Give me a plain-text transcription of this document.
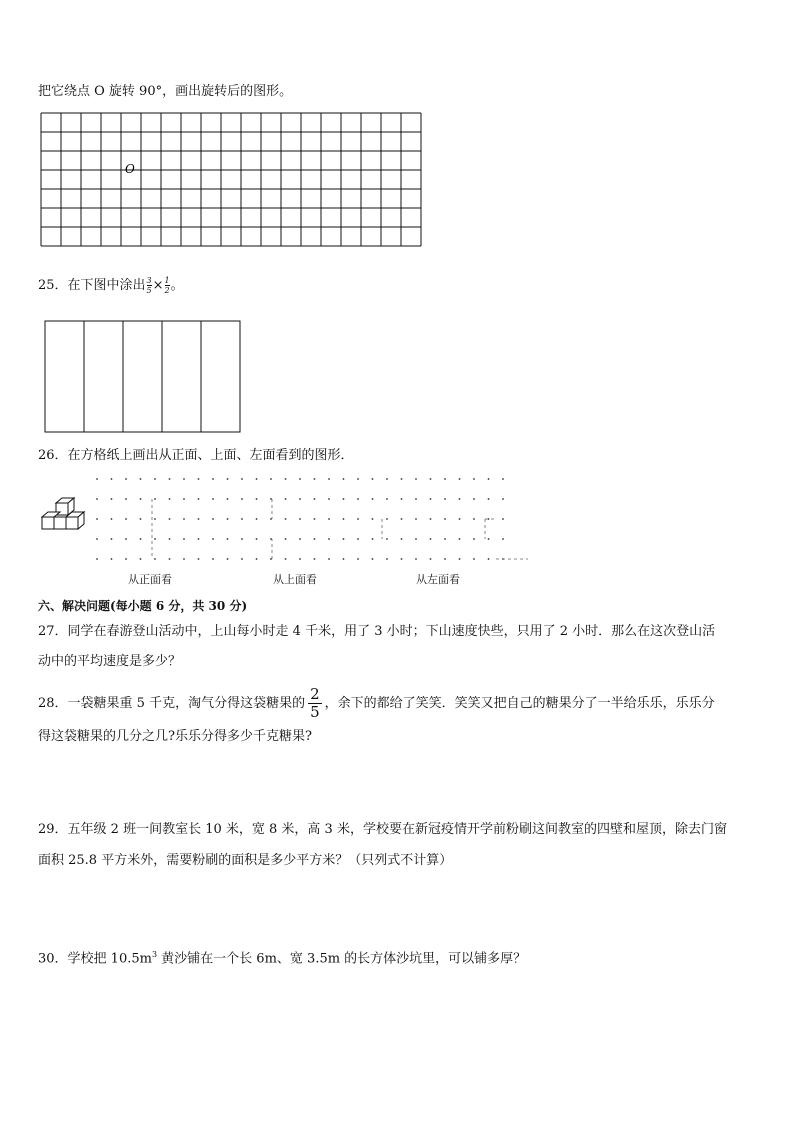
把它绕点 O 旋转 90°，画出旋转后的图形。
O
25．在下图中涂出 $\frac{3}{5} \times \frac{1}{2}$ 。
26．在方格纸上画出从正面、上面、左面看到的图形．
从正面看	从上面看	从左面看
六、解决问题(每小题 6 分，共 30 分)
27．同学在春游登山活动中，上山每小时走 4 千米，用了 3 小时；下山速度快些，只用了 2 小时．那么在这次登山活
动中的平均速度是多少？
28．一袋糖果重 5 千克，淘气分得这袋糖果的 $\frac{2}{5}$ ，余下的都给了笑笑．笑笑又把自己的糖果分了一半给乐乐，乐乐分
得这袋糖果的几分之几?乐乐分得多少千克糖果?
29．五年级 2 班一间教室长 10 米，宽 8 米，高 3 米，学校要在新冠疫情开学前粉刷这间教室的四壁和屋顶，除去门窗
面积 25.8 平方米外，需要粉刷的面积是多少平方米？（只列式不计算）
30．学校把 $10.5m^3$ 黄沙铺在一个长 6m、宽 3.5m 的长方体沙坑里，可以铺多厚？
